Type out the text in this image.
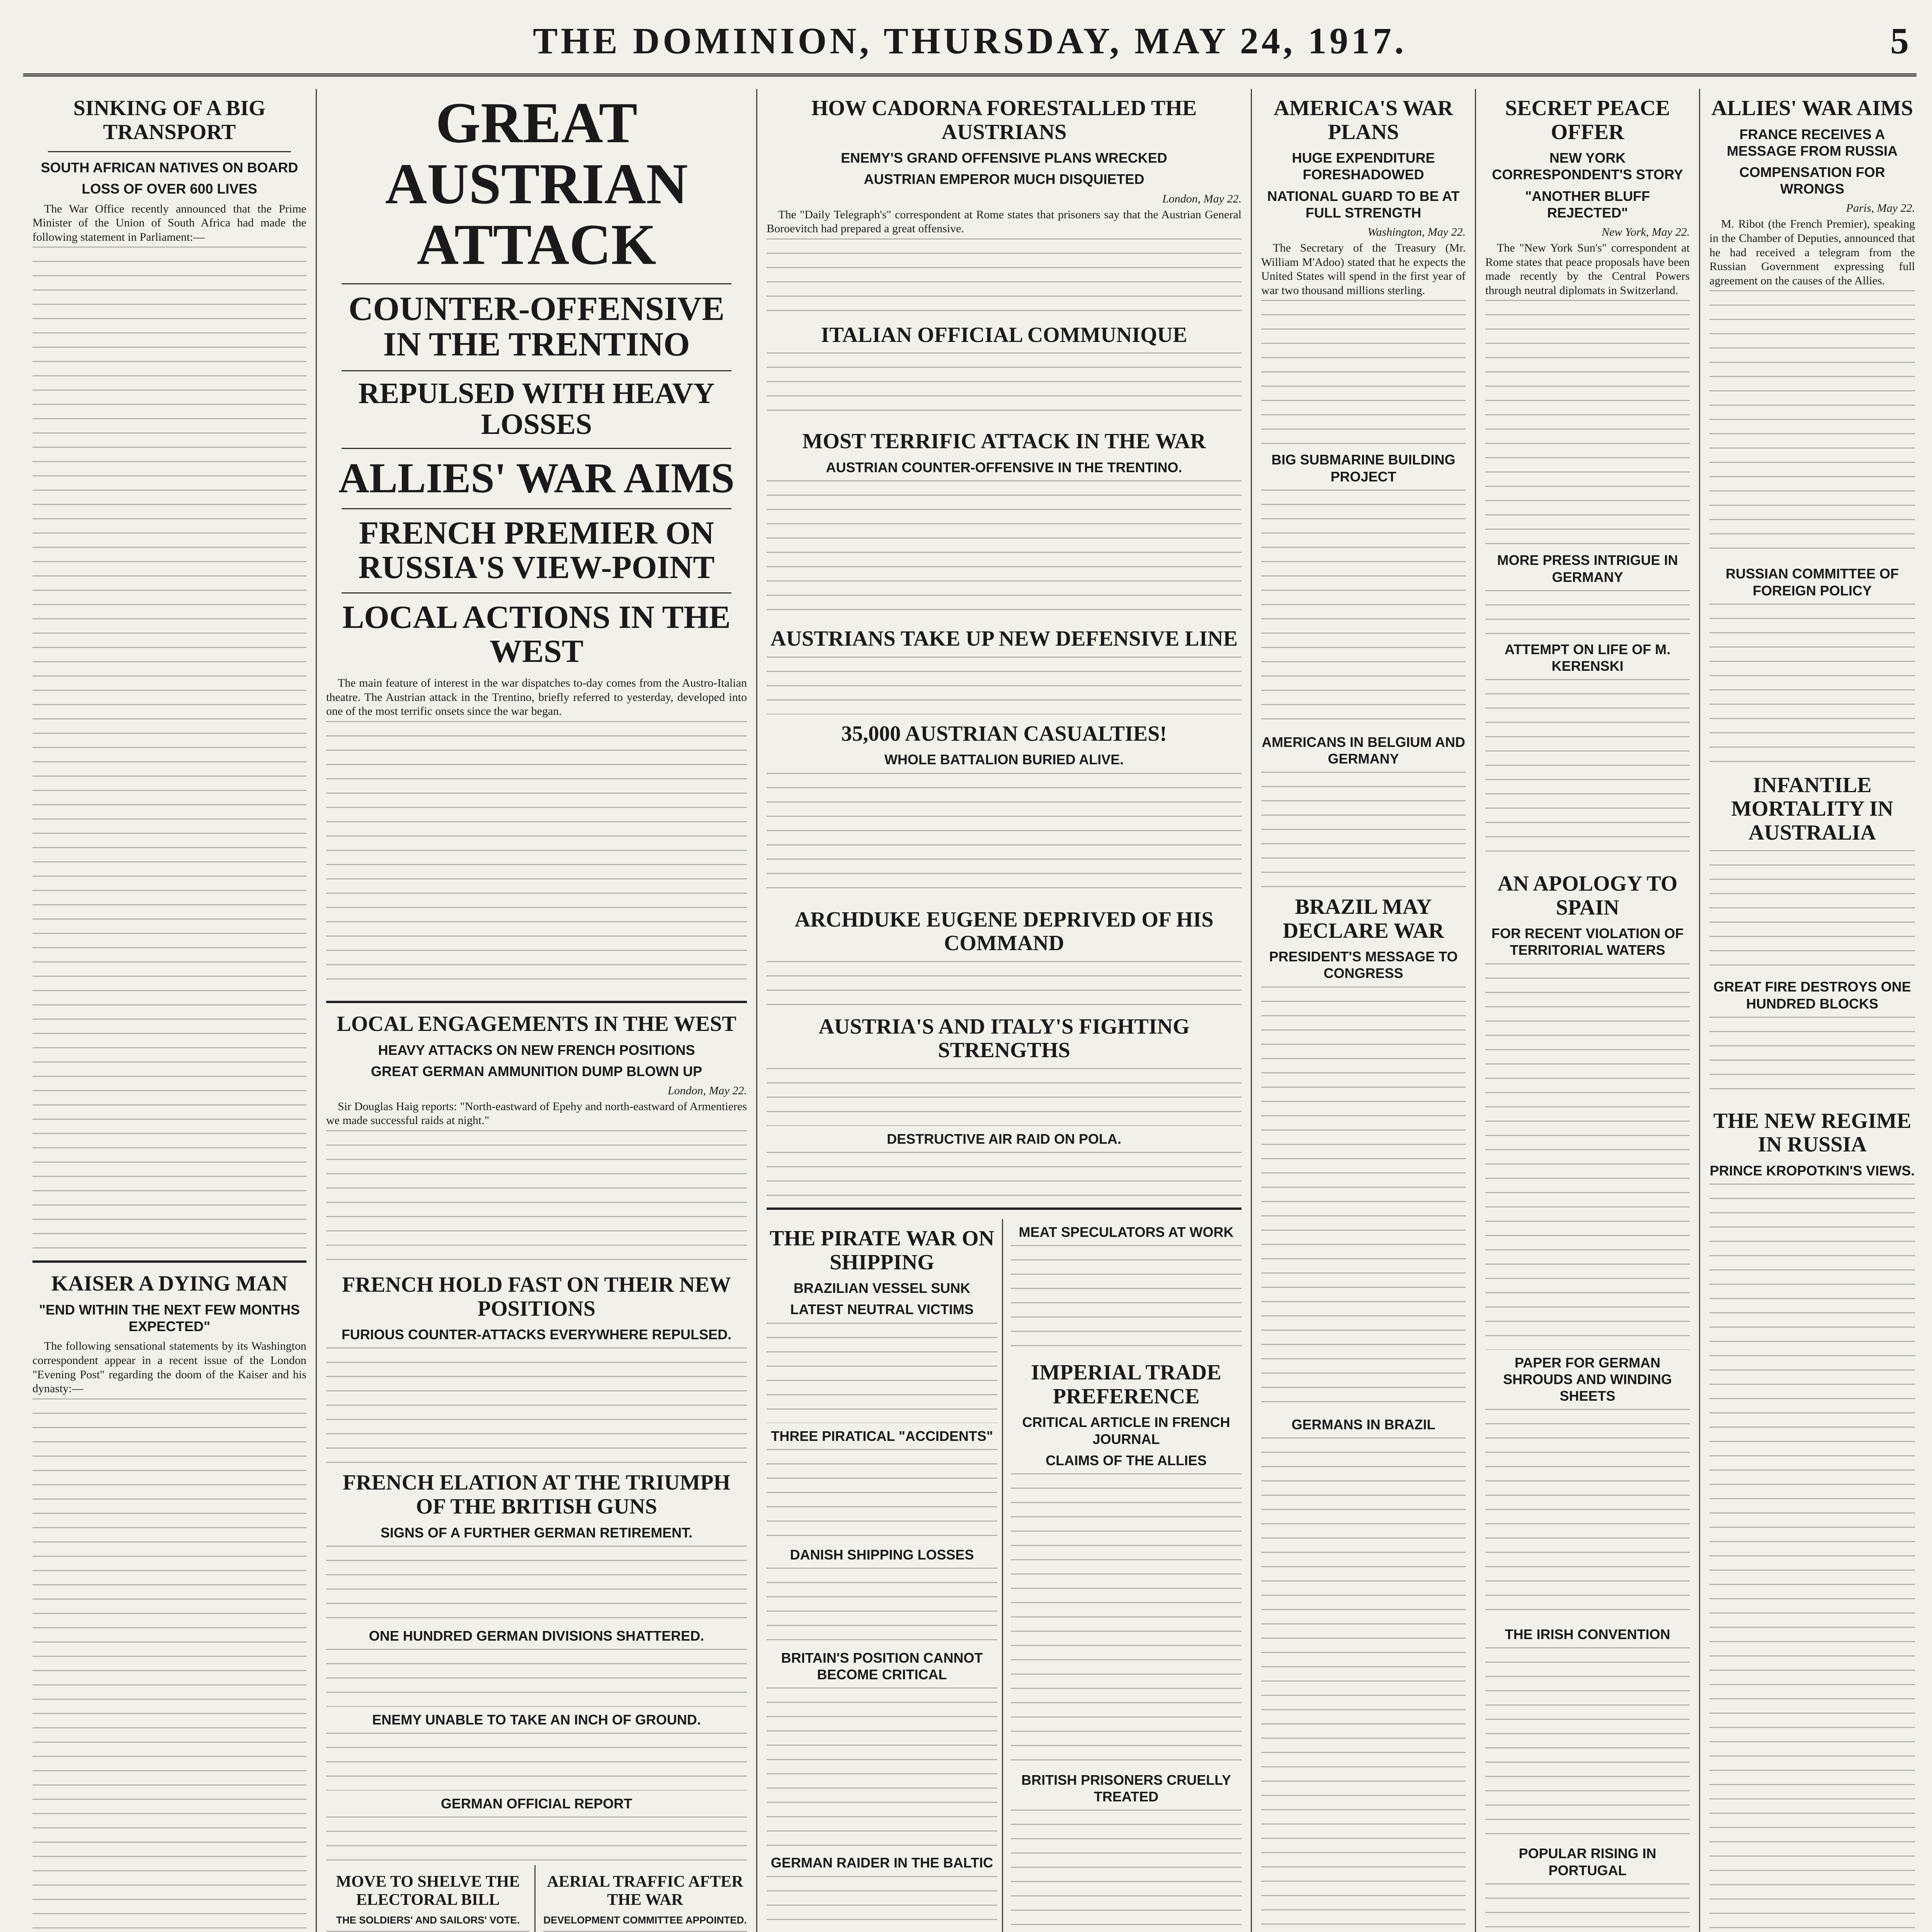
THE DOMINION, THURSDAY, MAY 24, 1917.	5
SINKING OF A BIG TRANSPORT
SOUTH AFRICAN NATIVES ON BOARD
LOSS OF OVER 600 LIVES

The War Office recently announced that the Prime Minister of the Union of South Africa had made the following statement in Parliament:—

KAISER A DYING MAN
"END WITHIN THE NEXT FEW MONTHS EXPECTED"

The following sensational statements by its Washington correspondent appear in a recent issue of the London "Evening Post" regarding the doom of the Kaiser and his dynasty:—

GREAT AUSTRIAN ATTACK
COUNTER-OFFENSIVE IN THE TRENTINO
REPULSED WITH HEAVY LOSSES
ALLIES' WAR AIMS
FRENCH PREMIER ON RUSSIA'S VIEW-POINT
LOCAL ACTIONS IN THE WEST

The main feature of interest in the war dispatches to-day comes from the Austro-Italian theatre. The Austrian attack in the Trentino, briefly referred to yesterday, developed into one of the most terrific onsets since the war began.

LOCAL ENGAGEMENTS IN THE WEST
HEAVY ATTACKS ON NEW FRENCH POSITIONS
GREAT GERMAN AMMUNITION DUMP BLOWN UP
London, May 22.

Sir Douglas Haig reports: "North-eastward of Epehy and north-eastward of Armentieres we made successful raids at night."

FRENCH HOLD FAST ON THEIR NEW POSITIONS
FURIOUS COUNTER-ATTACKS EVERYWHERE REPULSED.
FRENCH ELATION AT THE TRIUMPH OF THE BRITISH GUNS
SIGNS OF A FURTHER GERMAN RETIREMENT.
ONE HUNDRED GERMAN DIVISIONS SHATTERED.
ENEMY UNABLE TO TAKE AN INCH OF GROUND.
GERMAN OFFICIAL REPORT
MOVE TO SHELVE THE ELECTORAL BILL
THE SOLDIERS' AND SAILORS' VOTE.
AERIAL TRAFFIC AFTER THE WAR
DEVELOPMENT COMMITTEE APPOINTED.
HOW CADORNA FORESTALLED THE AUSTRIANS
ENEMY'S GRAND OFFENSIVE PLANS WRECKED
AUSTRIAN EMPEROR MUCH DISQUIETED
London, May 22.

The "Daily Telegraph's" correspondent at Rome states that prisoners say that the Austrian General Boroevitch had prepared a great offensive.

ITALIAN OFFICIAL COMMUNIQUE
MOST TERRIFIC ATTACK IN THE WAR
AUSTRIAN COUNTER-OFFENSIVE IN THE TRENTINO.
AUSTRIANS TAKE UP NEW DEFENSIVE LINE
35,000 AUSTRIAN CASUALTIES!
WHOLE BATTALION BURIED ALIVE.
ARCHDUKE EUGENE DEPRIVED OF HIS COMMAND
AUSTRIA'S AND ITALY'S FIGHTING STRENGTHS
DESTRUCTIVE AIR RAID ON POLA.
THE PIRATE WAR ON SHIPPING
BRAZILIAN VESSEL SUNK
LATEST NEUTRAL VICTIMS
THREE PIRATICAL "ACCIDENTS"
DANISH SHIPPING LOSSES
BRITAIN'S POSITION CANNOT BECOME CRITICAL
GERMAN RAIDER IN THE BALTIC
MEAT SPECULATORS AT WORK
IMPERIAL TRADE PREFERENCE
CRITICAL ARTICLE IN FRENCH JOURNAL
CLAIMS OF THE ALLIES
BRITISH PRISONERS CRUELLY TREATED
AMERICA'S WAR PLANS
HUGE EXPENDITURE FORESHADOWED
NATIONAL GUARD TO BE AT FULL STRENGTH
Washington, May 22.

The Secretary of the Treasury (Mr. William M'Adoo) stated that he expects the United States will spend in the first year of war two thousand millions sterling.

BIG SUBMARINE BUILDING PROJECT
AMERICANS IN BELGIUM AND GERMANY
BRAZIL MAY DECLARE WAR
PRESIDENT'S MESSAGE TO CONGRESS
GERMANS IN BRAZIL
SECRET PEACE OFFER
NEW YORK CORRESPONDENT'S STORY
"ANOTHER BLUFF REJECTED"
New York, May 22.

The "New York Sun's" correspondent at Rome states that peace proposals have been made recently by the Central Powers through neutral diplomats in Switzerland.

MORE PRESS INTRIGUE IN GERMANY
ATTEMPT ON LIFE OF M. KERENSKI
AN APOLOGY TO SPAIN
FOR RECENT VIOLATION OF TERRITORIAL WATERS
PAPER FOR GERMAN SHROUDS AND WINDING SHEETS
THE IRISH CONVENTION
POPULAR RISING IN PORTUGAL
ALLIES' WAR AIMS
FRANCE RECEIVES A MESSAGE FROM RUSSIA
COMPENSATION FOR WRONGS
Paris, May 22.

M. Ribot (the French Premier), speaking in the Chamber of Deputies, announced that he had received a telegram from the Russian Government expressing full agreement on the causes of the Allies.

RUSSIAN COMMITTEE OF FOREIGN POLICY
INFANTILE MORTALITY IN AUSTRALIA
GREAT FIRE DESTROYS ONE HUNDRED BLOCKS
THE NEW REGIME IN RUSSIA
PRINCE KROPOTKIN'S VIEWS.
